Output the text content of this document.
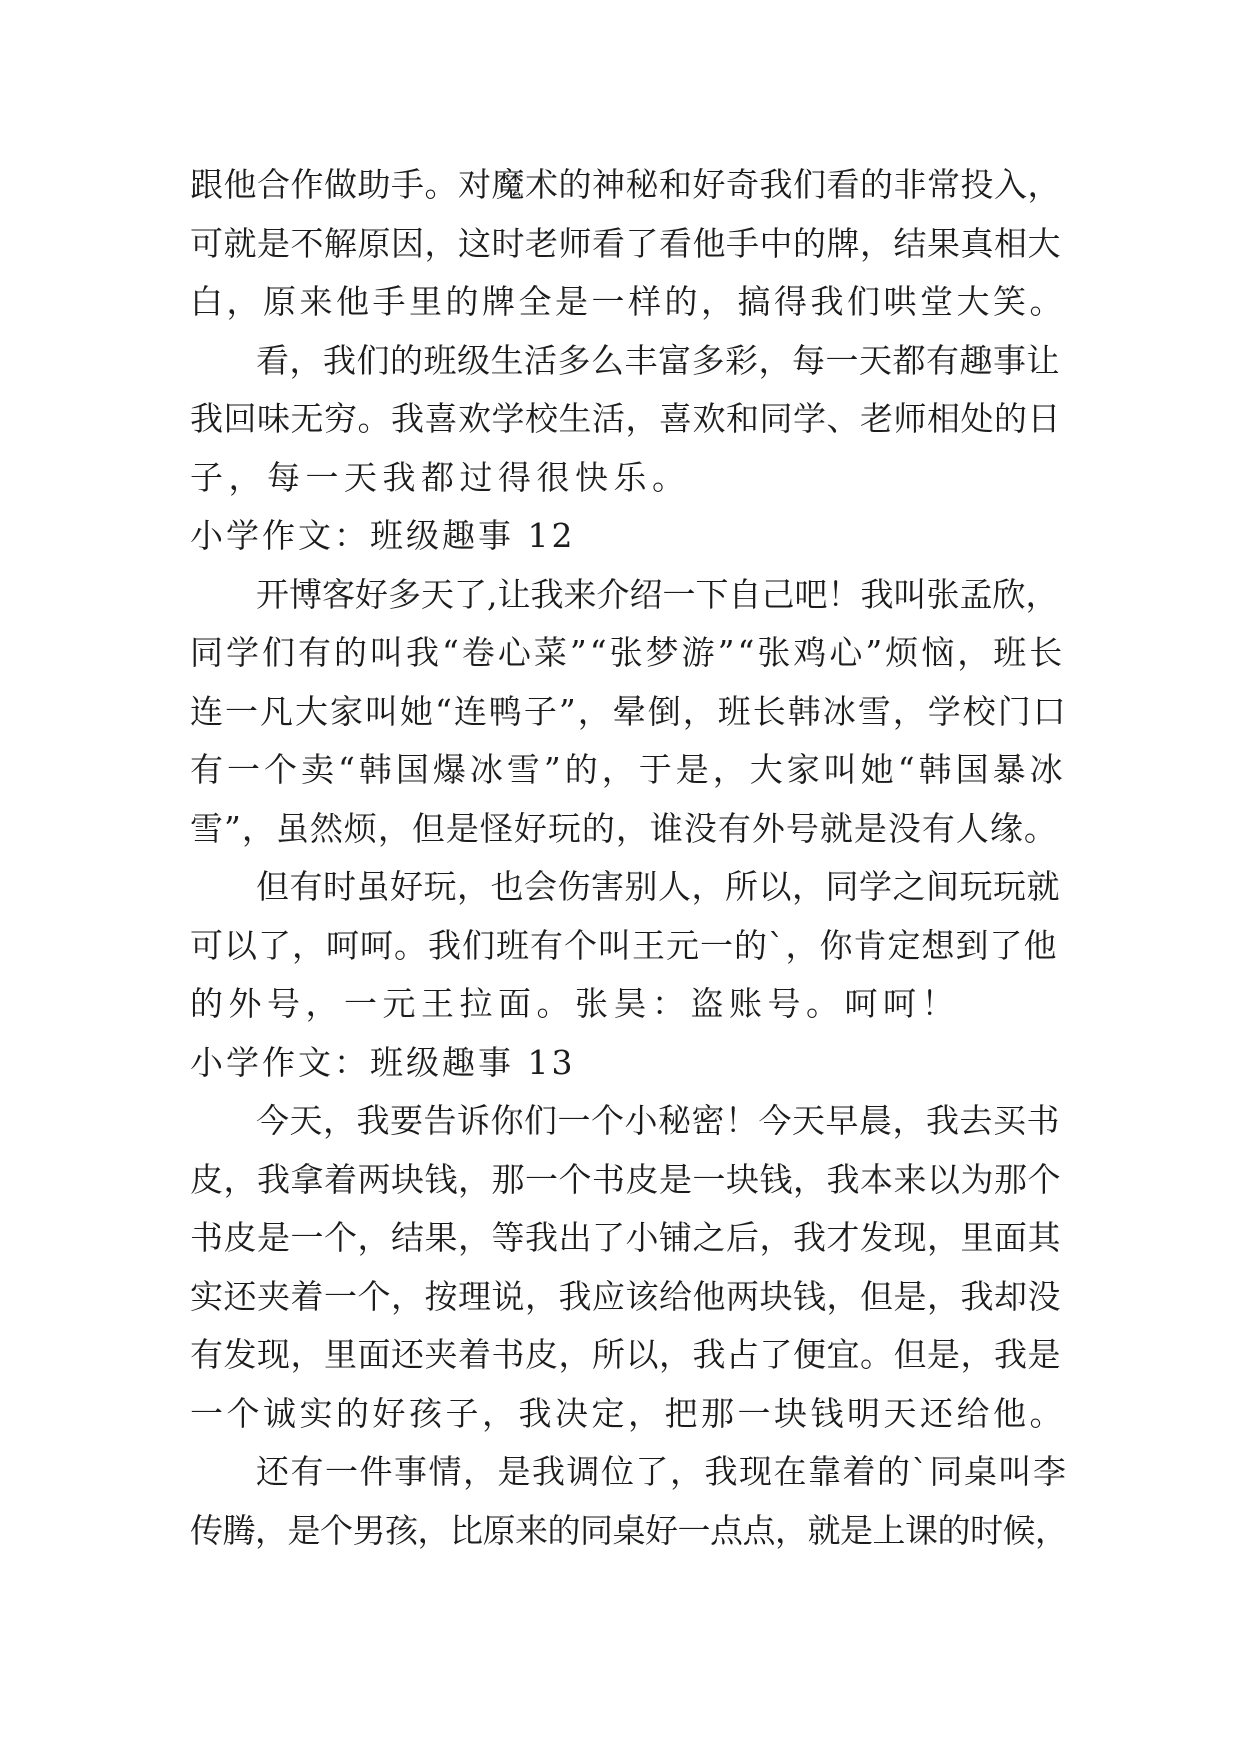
跟他合作做助手。对魔术的神秘和好奇我们看的非常投入，
可就是不解原因，这时老师看了看他手中的牌，结果真相大
白，原来他手里的牌全是一样的，搞得我们哄堂大笑。
看，我们的班级生活多么丰富多彩，每一天都有趣事让
我回味无穷。我喜欢学校生活，喜欢和同学、老师相处的日
子，每一天我都过得很快乐。
小学作文：班级趣事 12
开博客好多天了,让我来介绍一下自己吧！我叫张孟欣，
同学们有的叫我“卷心菜”“张梦游”“张鸡心”烦恼，班长
连一凡大家叫她“连鸭子”，晕倒，班长韩冰雪，学校门口
有一个卖“韩国爆冰雪”的，于是，大家叫她“韩国暴冰
雪”，虽然烦，但是怪好玩的，谁没有外号就是没有人缘。
但有时虽好玩，也会伤害别人，所以，同学之间玩玩就
可以了，呵呵。我们班有个叫王元一的`，你肯定想到了他
的外号，一元王拉面。张昊：盗账号。呵呵！
小学作文：班级趣事 13
今天，我要告诉你们一个小秘密！今天早晨，我去买书
皮，我拿着两块钱，那一个书皮是一块钱，我本来以为那个
书皮是一个，结果，等我出了小铺之后，我才发现，里面其
实还夹着一个，按理说，我应该给他两块钱，但是，我却没
有发现，里面还夹着书皮，所以，我占了便宜。但是，我是
一个诚实的好孩子，我决定，把那一块钱明天还给他。
还有一件事情，是我调位了，我现在靠着的`同桌叫李
传腾，是个男孩，比原来的同桌好一点点，就是上课的时候，
